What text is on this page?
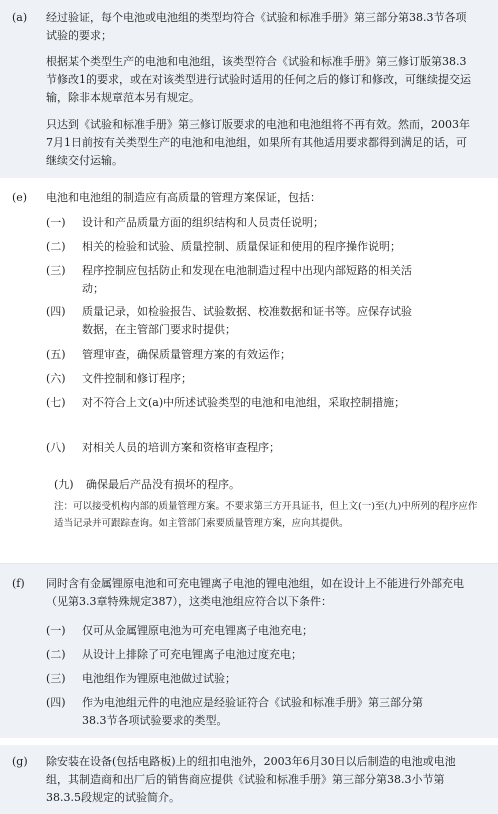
(a) 经过验证，每个电池或电池组的类型均符合《试验和标准手册》第三部分第38.3节各项试验的要求；

根据某个类型生产的电池和电池组，该类型符合《试验和标准手册》第三修订版第38.3节修改1的要求，或在对该类型进行试验时适用的任何之后的修订和修改，可继续提交运输，除非本规章范本另有规定。

只达到《试验和标准手册》第三修订版要求的电池和电池组将不再有效。然而，2003年7月1日前按有关类型生产的电池和电池组，如果所有其他适用要求都得到满足的话，可继续交付运输。

(e) 电池和电池组的制造应有高质量的管理方案保证，包括：

(一) 设计和产品质量方面的组织结构和人员责任说明；
(二) 相关的检验和试验、质量控制、质量保证和使用的程序操作说明；
(三) 程序控制应包括防止和发现在电池制造过程中出现内部短路的相关活动；
(四) 质量记录，如检验报告、试验数据、校准数据和证书等。应保存试验数据，在主管部门要求时提供；
(五) 管理审查，确保质量管理方案的有效运作；
(六) 文件控制和修订程序；
(七) 对不符合上文(a)中所述试验类型的电池和电池组，采取控制措施；
(八) 对相关人员的培训方案和资格审查程序；
(九) 确保最后产品没有损坏的程序。

注：可以接受机构内部的质量管理方案。不要求第三方开具证书，但上文(一)至(九)中所列的程序应作适当记录并可跟踪查询。如主管部门索要质量管理方案，应向其提供。

(f) 同时含有金属锂原电池和可充电锂离子电池的锂电池组，如在设计上不能进行外部充电（见第3.3章特殊规定387），这类电池组应符合以下条件：

(一) 仅可从金属锂原电池为可充电锂离子电池充电；
(二) 从设计上排除了可充电锂离子电池过度充电；
(三) 电池组作为锂原电池做过试验；
(四) 作为电池组元件的电池应是经验证符合《试验和标准手册》第三部分第38.3节各项试验要求的类型。
(g) 除安装在设备(包括电路板)上的纽扣电池外，2003年6月30日以后制造的电池或电池组，其制造商和出厂后的销售商应提供《试验和标准手册》第三部分第38.3小节第38.3.5段规定的试验简介。
